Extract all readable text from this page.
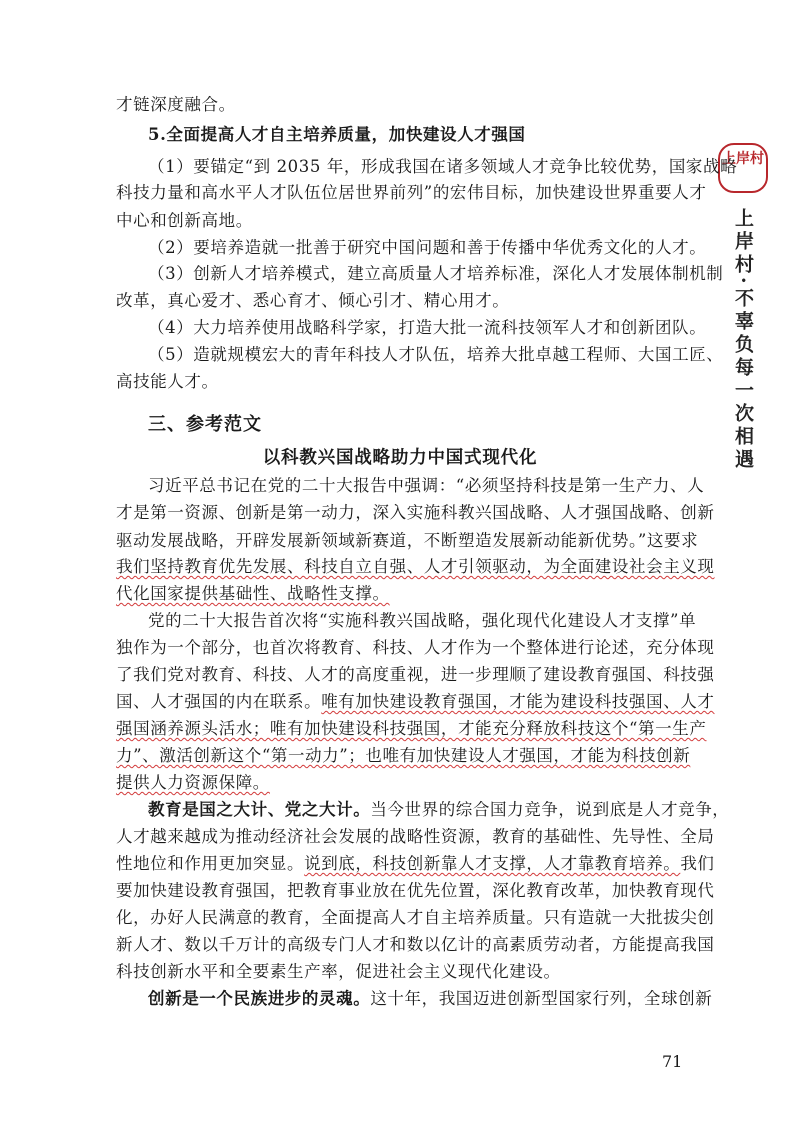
上岸村
上岸村·不辜负每一次相遇
才链深度融合。
5.全面提高人才自主培养质量，加快建设人才强国
（1）要锚定“到 2035 年，形成我国在诸多领域人才竞争比较优势，国家战略
科技力量和高水平人才队伍位居世界前列”的宏伟目标，加快建设世界重要人才
中心和创新高地。
（2）要培养造就一批善于研究中国问题和善于传播中华优秀文化的人才。
（3）创新人才培养模式，建立高质量人才培养标准，深化人才发展体制机制
改革，真心爱才、悉心育才、倾心引才、精心用才。
（4）大力培养使用战略科学家，打造大批一流科技领军人才和创新团队。
（5）造就规模宏大的青年科技人才队伍，培养大批卓越工程师、大国工匠、
高技能人才。
三、参考范文
以科教兴国战略助力中国式现代化
习近平总书记在党的二十大报告中强调：“必须坚持科技是第一生产力、人
才是第一资源、创新是第一动力，深入实施科教兴国战略、人才强国战略、创新
驱动发展战略，开辟发展新领域新赛道，不断塑造发展新动能新优势。”这要求
我们坚持教育优先发展、科技自立自强、人才引领驱动，为全面建设社会主义现
代化国家提供基础性、战略性支撑。
党的二十大报告首次将“实施科教兴国战略，强化现代化建设人才支撑”单
独作为一个部分，也首次将教育、科技、人才作为一个整体进行论述，充分体现
了我们党对教育、科技、人才的高度重视，进一步理顺了建设教育强国、科技强
国、人才强国的内在联系。唯有加快建设教育强国，才能为建设科技强国、人才
强国涵养源头活水；唯有加快建设科技强国，才能充分释放科技这个“第一生产
力”、激活创新这个“第一动力”；也唯有加快建设人才强国，才能为科技创新
提供人力资源保障。
教育是国之大计、党之大计。当今世界的综合国力竞争，说到底是人才竞争，
人才越来越成为推动经济社会发展的战略性资源，教育的基础性、先导性、全局
性地位和作用更加突显。说到底，科技创新靠人才支撑，人才靠教育培养。我们
要加快建设教育强国，把教育事业放在优先位置，深化教育改革，加快教育现代
化，办好人民满意的教育，全面提高人才自主培养质量。只有造就一大批拔尖创
新人才、数以千万计的高级专门人才和数以亿计的高素质劳动者，方能提高我国
科技创新水平和全要素生产率，促进社会主义现代化建设。
创新是一个民族进步的灵魂。这十年，我国迈进创新型国家行列，全球创新
71
